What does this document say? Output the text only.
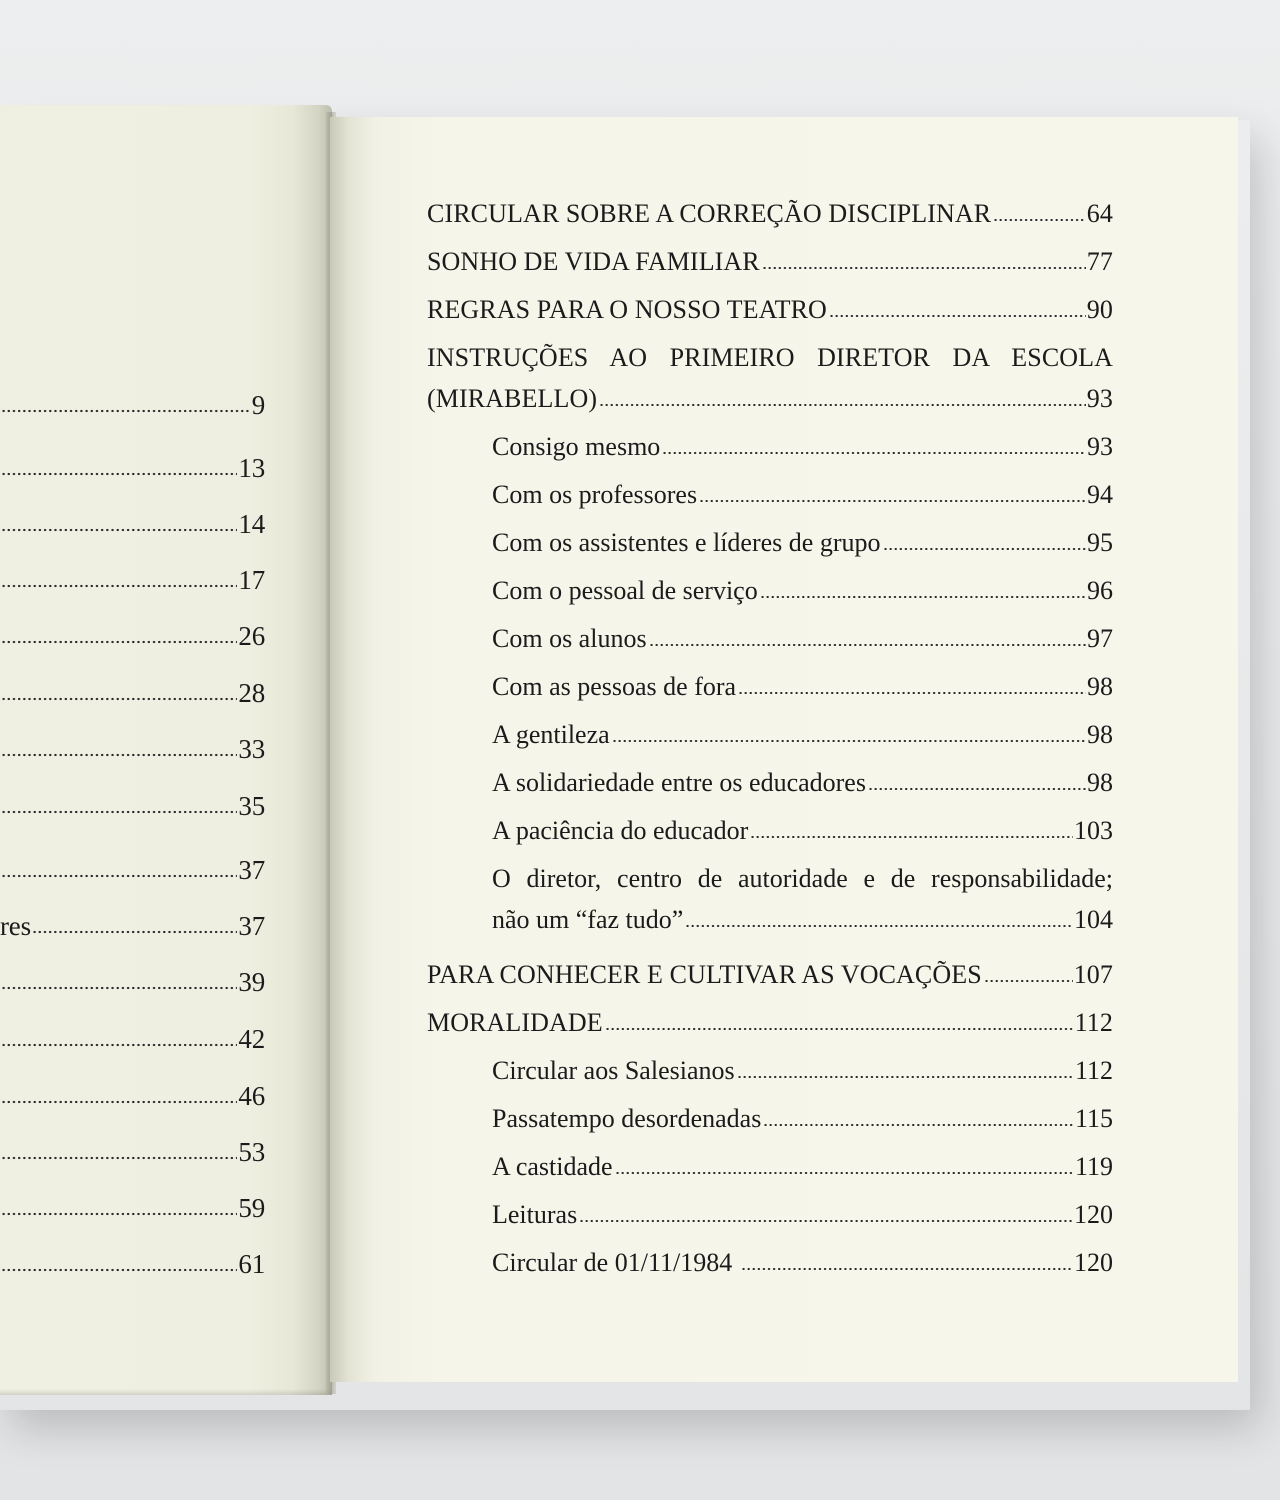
9
13
14
17
26
28
33
35
37
res	37
39
42
46
53
59
61
CIRCULAR SOBRE A CORREÇÃO DISCIPLINAR	64
SONHO DE VIDA FAMILIAR	77
REGRAS PARA O NOSSO TEATRO	90
INSTRUÇÕES AO PRIMEIRO DIRETOR DA ESCOLA
(MIRABELLO)	93
Consigo mesmo	93
Com os professores	94
Com os assistentes e líderes de grupo	95
Com o pessoal de serviço	96
Com os alunos	97
Com as pessoas de fora	98
A gentileza	98
A solidariedade entre os educadores	98
A paciência do educador	103
O diretor, centro de autoridade e de responsabilidade;
não um “faz tudo”	104
PARA CONHECER E CULTIVAR AS VOCAÇÕES	107
MORALIDADE	112
Circular aos Salesianos	112
Passatempo desordenadas	115
A castidade	119
Leituras	120
Circular de 01/11/1984	120
